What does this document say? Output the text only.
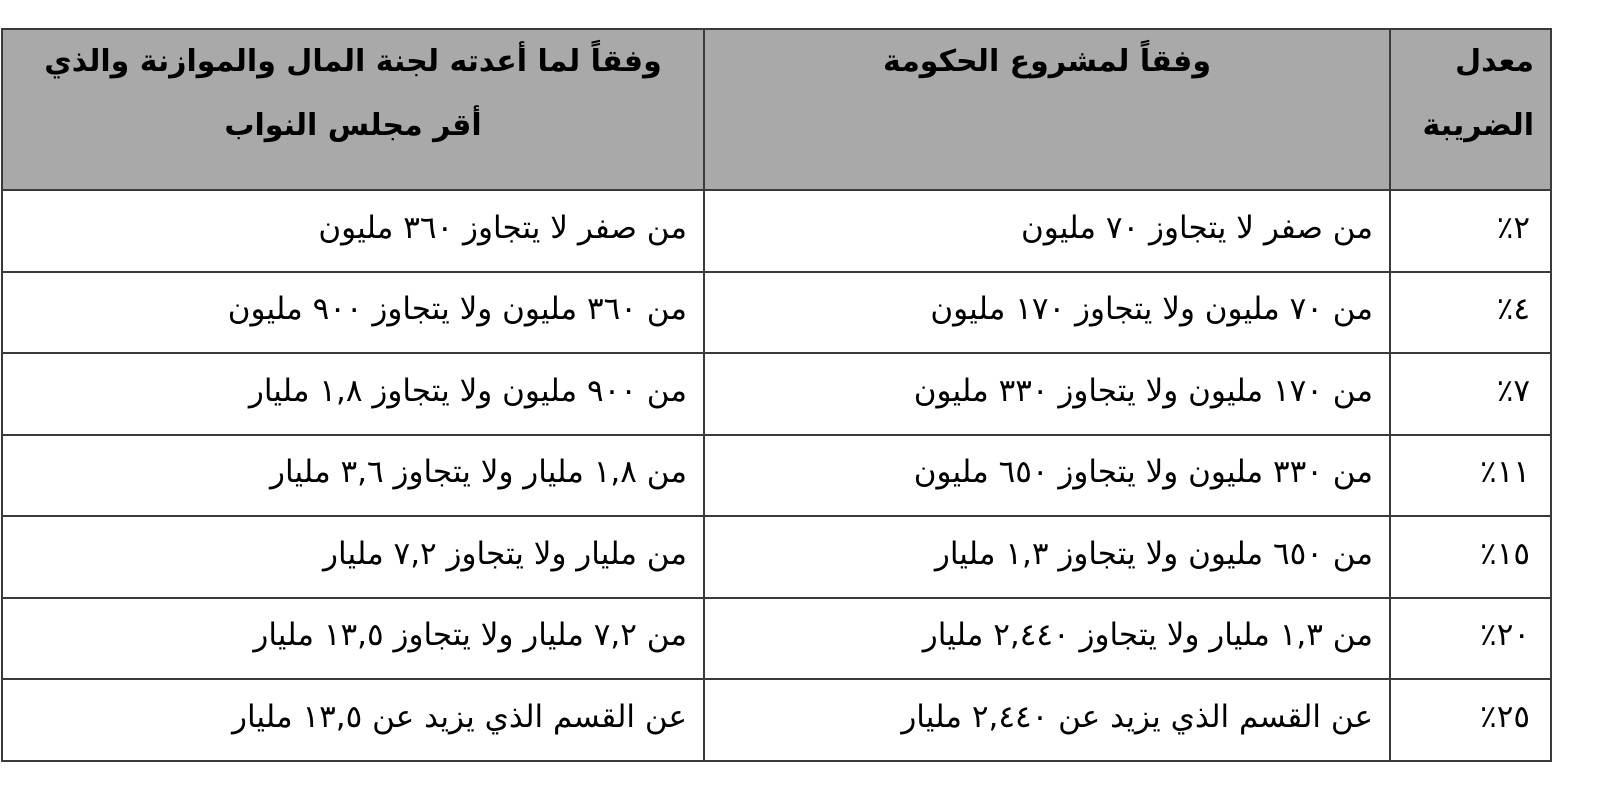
معدل الضريبة	وفقاً لمشروع الحكومة	وفقاً لما أعدته لجنة المال والموازنة والذي أقر مجلس النواب
٢٪	من صفر لا يتجاوز ٧٠ مليون	من صفر لا يتجاوز ٣٦٠ مليون
٤٪	من ٧٠ مليون ولا يتجاوز ١٧٠ مليون	من ٣٦٠ مليون ولا يتجاوز ٩٠٠ مليون
٧٪	من ١٧٠ مليون ولا يتجاوز ٣٣٠ مليون	من ٩٠٠ مليون ولا يتجاوز ١,٨ مليار
١١٪	من ٣٣٠ مليون ولا يتجاوز ٦٥٠ مليون	من ١,٨ مليار ولا يتجاوز ٣,٦ مليار
١٥٪	من ٦٥٠ مليون ولا يتجاوز ١,٣ مليار	من مليار ولا يتجاوز ٧,٢ مليار
٢٠٪	من ١,٣ مليار ولا يتجاوز ٢,٤٤٠ مليار	من ٧,٢ مليار ولا يتجاوز ١٣,٥ مليار
٢٥٪	عن القسم الذي يزيد عن ٢,٤٤٠ مليار	عن القسم الذي يزيد عن ١٣,٥ مليار
